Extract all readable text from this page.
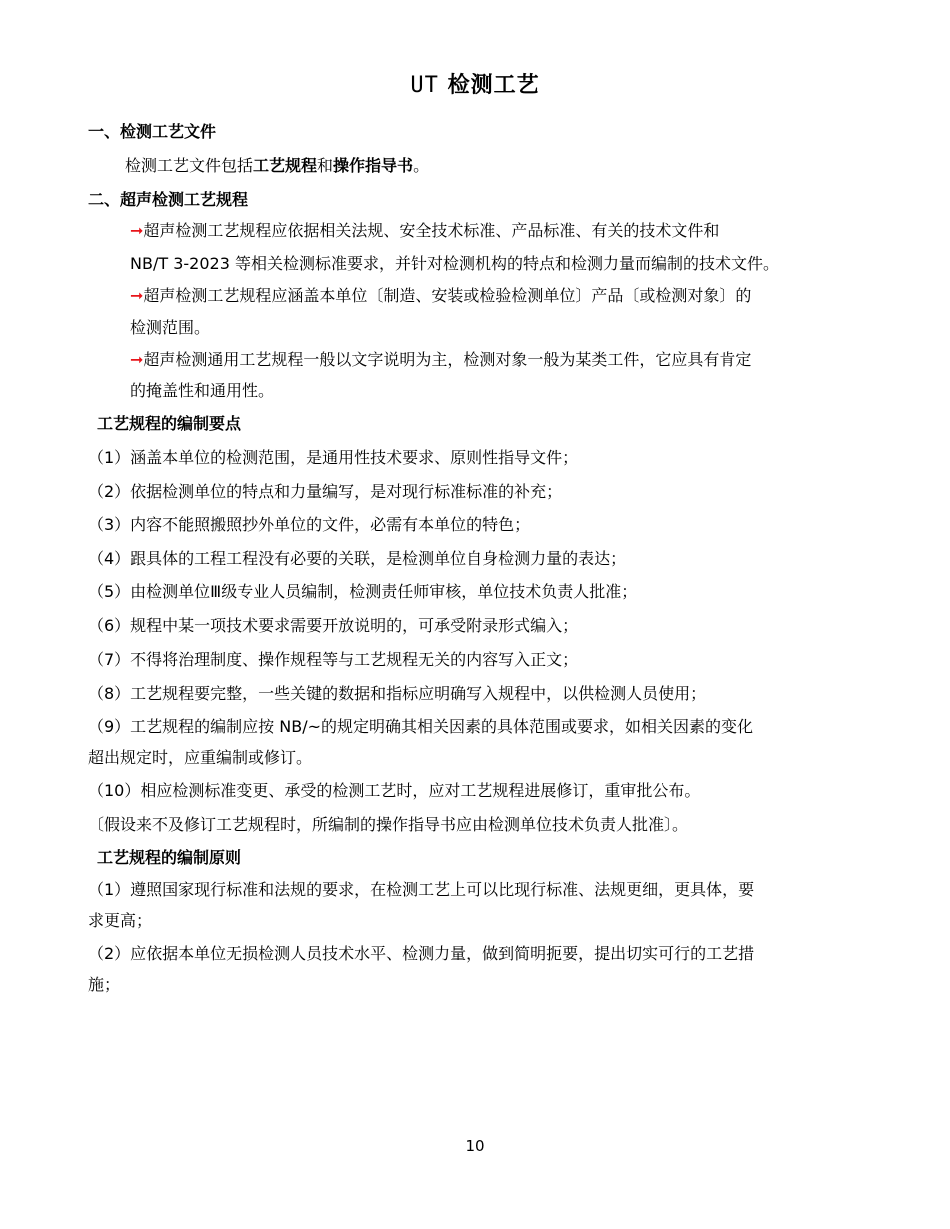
UT 检测工艺
一、检测工艺文件
检测工艺文件包括工艺规程和操作指导书。
二、超声检测工艺规程
➞超声检测工艺规程应依据相关法规、安全技术标准、产品标准、有关的技术文件和
NB/T 3-2023 等相关检测标准要求，并针对检测机构的特点和检测力量而编制的技术文件。
➞超声检测工艺规程应涵盖本单位〔制造、安装或检验检测单位〕产品〔或检测对象〕的
检测范围。
➞超声检测通用工艺规程一般以文字说明为主，检测对象一般为某类工件，它应具有肯定
的掩盖性和通用性。
工艺规程的编制要点
（1）涵盖本单位的检测范围，是通用性技术要求、原则性指导文件；
（2）依据检测单位的特点和力量编写，是对现行标准标准的补充；
（3）内容不能照搬照抄外单位的文件，必需有本单位的特色；
（4）跟具体的工程工程没有必要的关联，是检测单位自身检测力量的表达；
（5）由检测单位Ⅲ级专业人员编制，检测责任师审核，单位技术负责人批准；
（6）规程中某一项技术要求需要开放说明的，可承受附录形式编入；
（7）不得将治理制度、操作规程等与工艺规程无关的内容写入正文；
（8）工艺规程要完整，一些关键的数据和指标应明确写入规程中，以供检测人员使用；
（9）工艺规程的编制应按 NB/~的规定明确其相关因素的具体范围或要求，如相关因素的变化
超出规定时，应重编制或修订。
（10）相应检测标准变更、承受的检测工艺时，应对工艺规程进展修订，重审批公布。
〔假设来不及修订工艺规程时，所编制的操作指导书应由检测单位技术负责人批准〕。
工艺规程的编制原则
（1）遵照国家现行标准和法规的要求，在检测工艺上可以比现行标准、法规更细，更具体，要
求更高；
（2）应依据本单位无损检测人员技术水平、检测力量，做到简明扼要，提出切实可行的工艺措
施；
10
